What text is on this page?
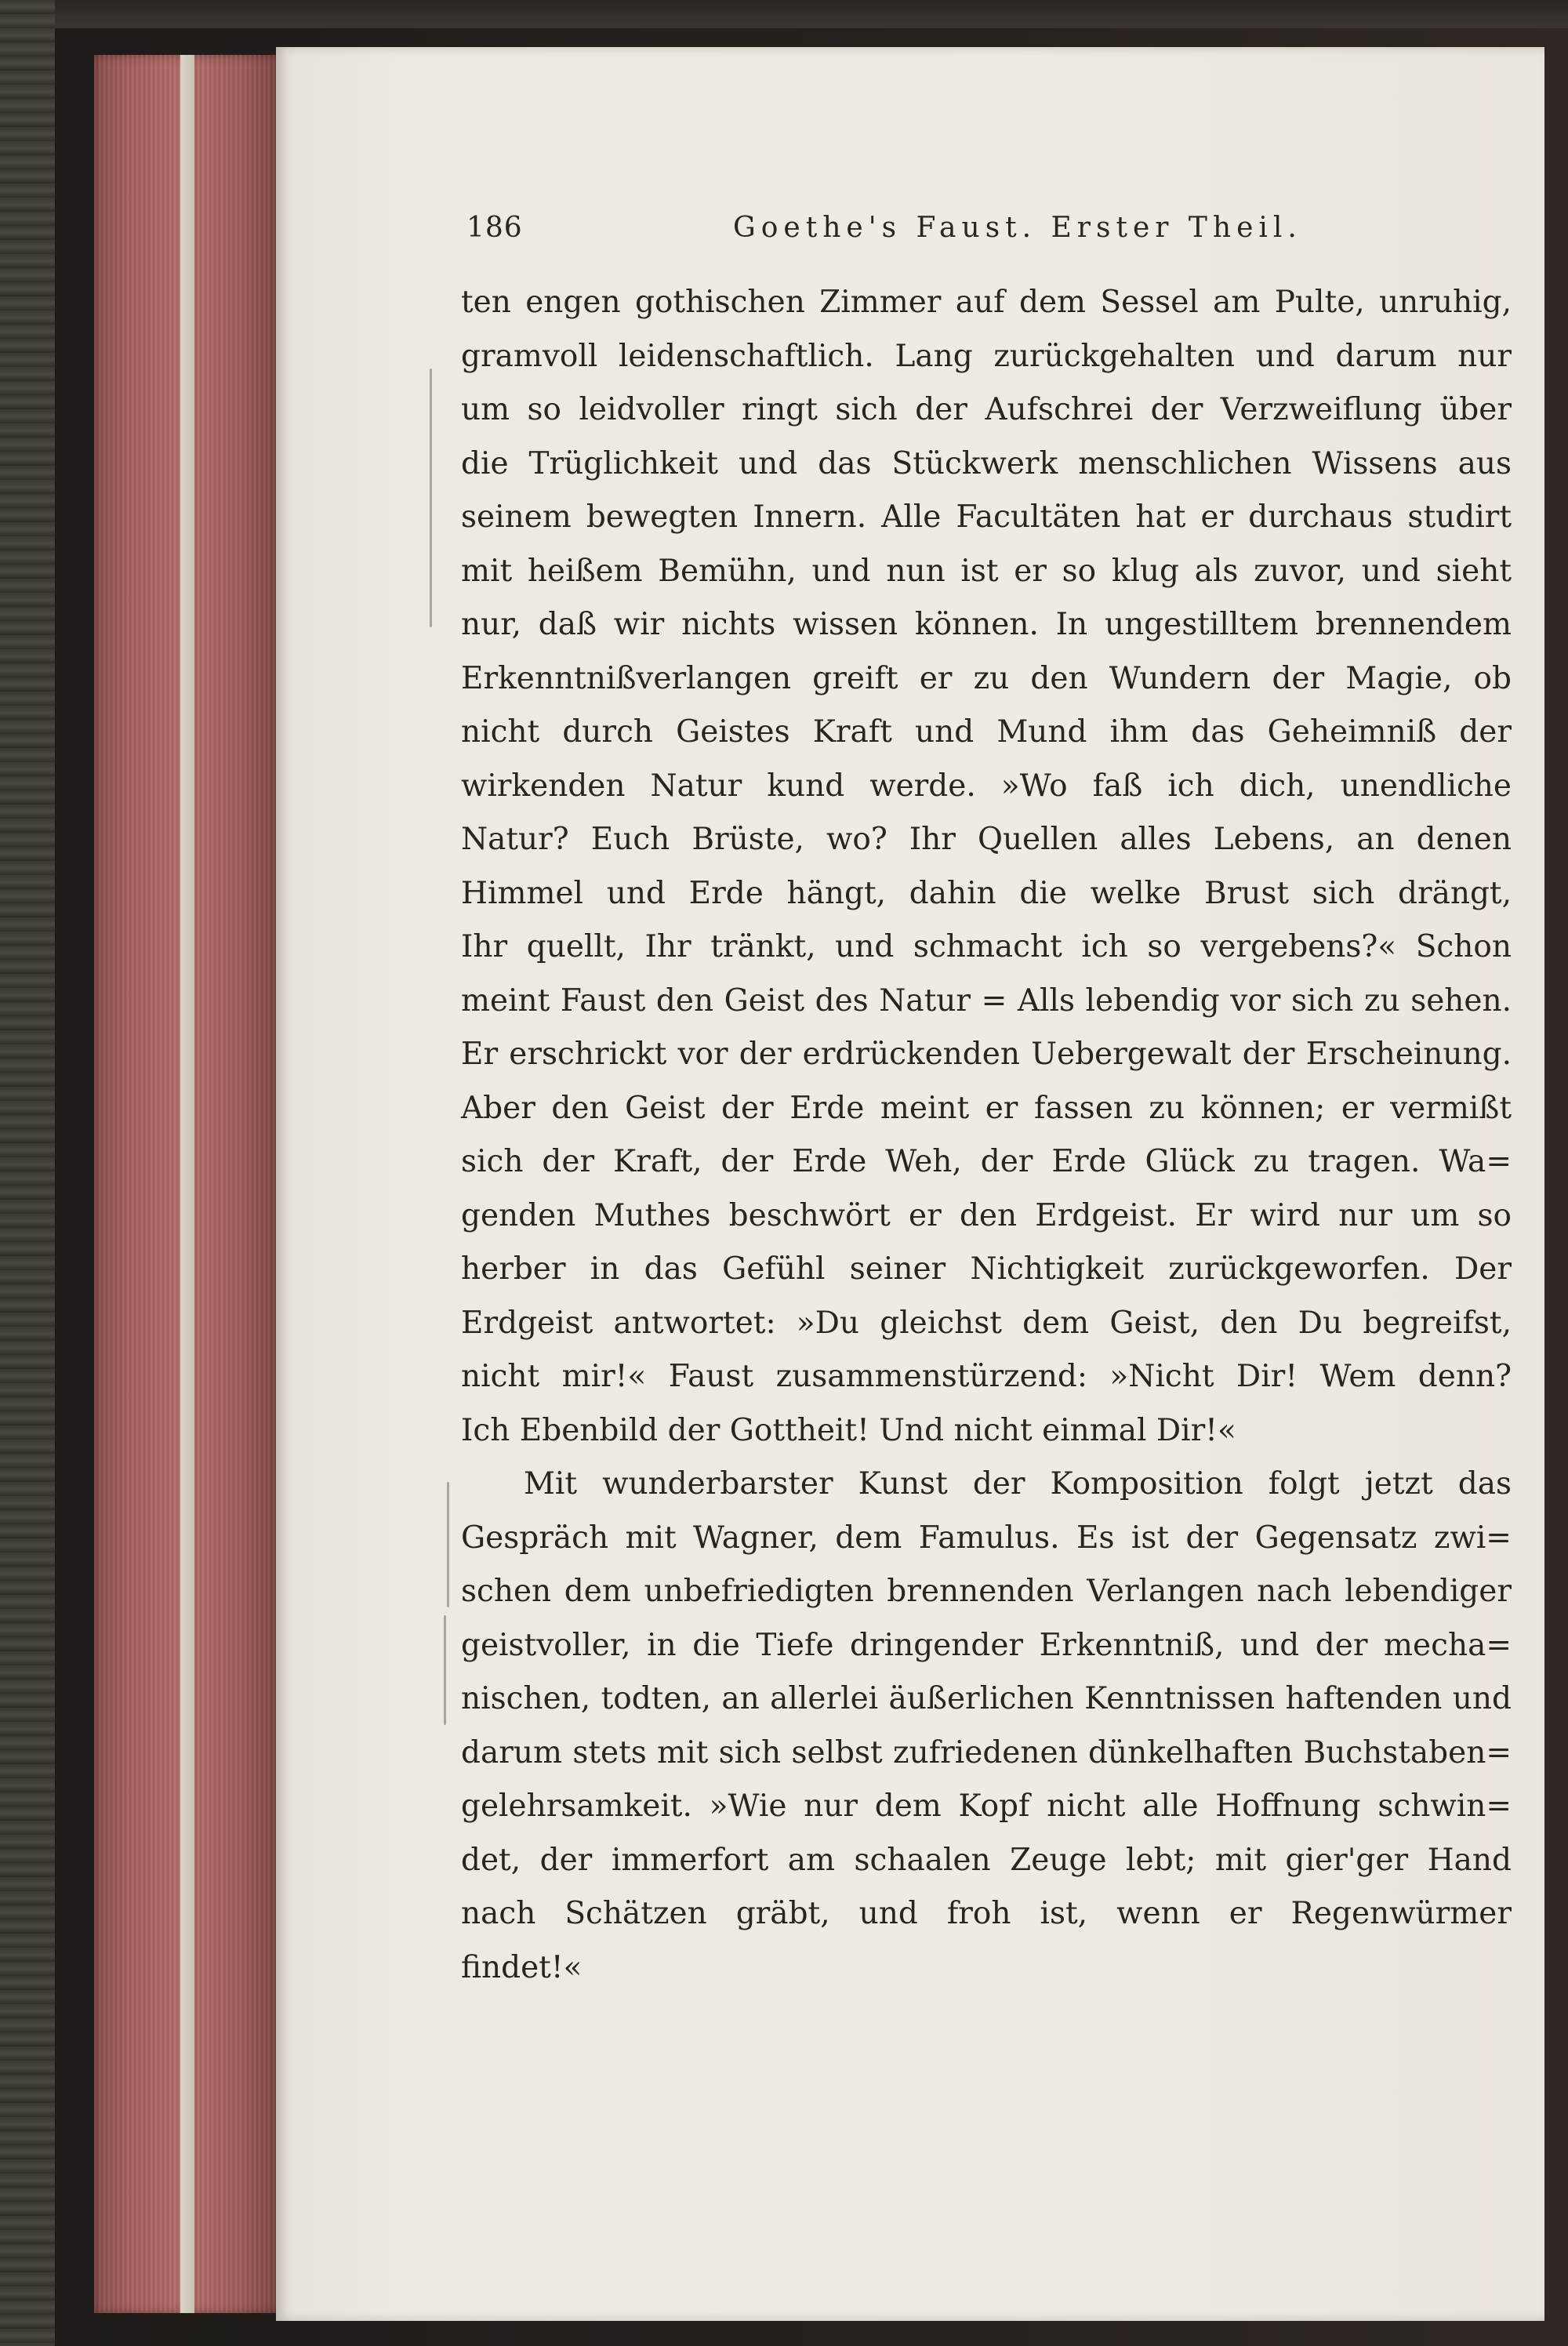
186	Goethe's Faust. Erster Theil.
ten engen gothischen Zimmer auf dem Sessel am Pulte, unruhig,
gramvoll leidenschaftlich. Lang zurückgehalten und darum nur
um so leidvoller ringt sich der Aufschrei der Verzweiflung über
die Trüglichkeit und das Stückwerk menschlichen Wissens aus
seinem bewegten Innern. Alle Facultäten hat er durchaus studirt
mit heißem Bemühn, und nun ist er so klug als zuvor, und sieht
nur, daß wir nichts wissen können. In ungestilltem brennendem
Erkenntnißverlangen greift er zu den Wundern der Magie, ob
nicht durch Geistes Kraft und Mund ihm das Geheimniß der
wirkenden Natur kund werde. »Wo faß ich dich, unendliche
Natur? Euch Brüste, wo? Ihr Quellen alles Lebens, an denen
Himmel und Erde hängt, dahin die welke Brust sich drängt,
Ihr quellt, Ihr tränkt, und schmacht ich so vergebens?« Schon
meint Faust den Geist des Natur = Alls lebendig vor sich zu sehen.
Er erschrickt vor der erdrückenden Uebergewalt der Erscheinung.
Aber den Geist der Erde meint er fassen zu können; er vermißt
sich der Kraft, der Erde Weh, der Erde Glück zu tragen. Wa=
genden Muthes beschwört er den Erdgeist. Er wird nur um so
herber in das Gefühl seiner Nichtigkeit zurückgeworfen. Der
Erdgeist antwortet: »Du gleichst dem Geist, den Du begreifst,
nicht mir!« Faust zusammenstürzend: »Nicht Dir! Wem denn?
Ich Ebenbild der Gottheit! Und nicht einmal Dir!«
Mit wunderbarster Kunst der Komposition folgt jetzt das
Gespräch mit Wagner, dem Famulus. Es ist der Gegensatz zwi=
schen dem unbefriedigten brennenden Verlangen nach lebendiger
geistvoller, in die Tiefe dringender Erkenntniß, und der mecha=
nischen, todten, an allerlei äußerlichen Kenntnissen haftenden und
darum stets mit sich selbst zufriedenen dünkelhaften Buchstaben=
gelehrsamkeit. »Wie nur dem Kopf nicht alle Hoffnung schwin=
det, der immerfort am schaalen Zeuge lebt; mit gier'ger Hand
nach Schätzen gräbt, und froh ist, wenn er Regenwürmer
findet!«
